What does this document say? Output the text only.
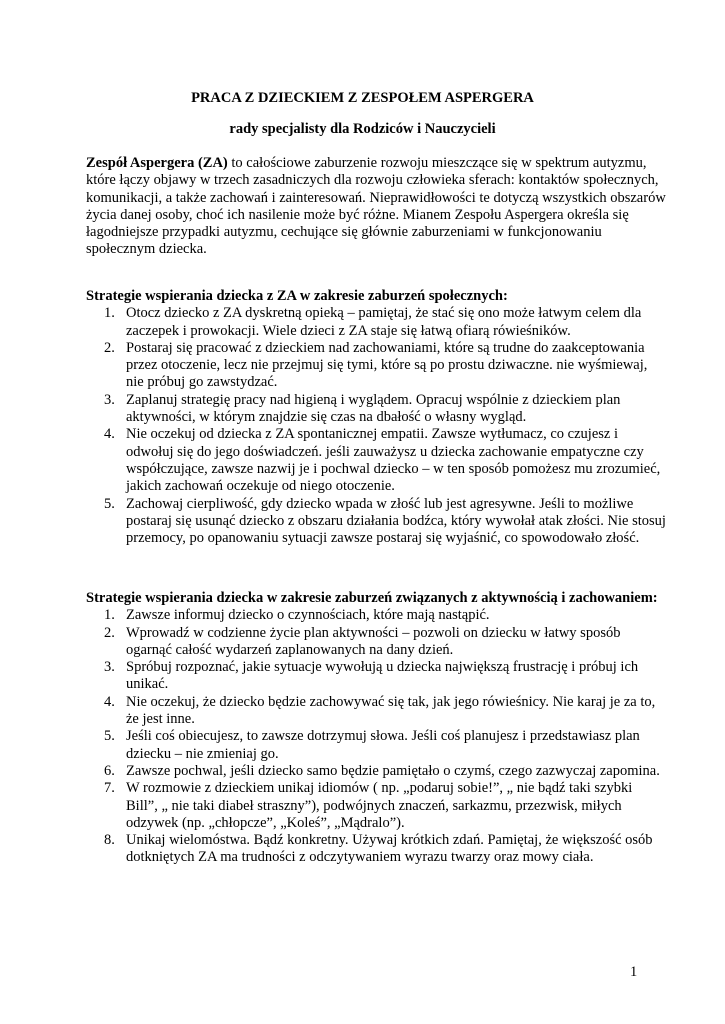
PRACA Z DZIECKIEM Z ZESPOŁEM ASPERGERA
rady specjalisty dla Rodziców i Nauczycieli

Zespół Aspergera (ZA) to całościowe zaburzenie rozwoju mieszczące się w spektrum autyzmu, które łączy objawy w trzech zasadniczych dla rozwoju człowieka sferach: kontaktów społecznych, komunikacji, a także zachowań i zainteresowań. Nieprawidłowości te dotyczą wszystkich obszarów życia danej osoby, choć ich nasilenie może być różne. Mianem Zespołu Aspergera określa się łagodniejsze przypadki autyzmu, cechujące się głównie zaburzeniami w funkcjonowaniu społecznym dziecka.

Strategie wspierania dziecka z ZA w zakresie zaburzeń społecznych:

1. Otocz dziecko z ZA dyskretną opieką – pamiętaj, że stać się ono może łatwym celem dla zaczepek i prowokacji. Wiele dzieci z ZA staje się łatwą ofiarą rówieśników.
2. Postaraj się pracować z dzieckiem nad zachowaniami, które są trudne do zaakceptowania przez otoczenie, lecz nie przejmuj się tymi, które są po prostu dziwaczne. nie wyśmiewaj, nie próbuj go zawstydzać.
3. Zaplanuj strategię pracy nad higieną i wyglądem. Opracuj wspólnie z dzieckiem plan aktywności, w którym znajdzie się czas na dbałość o własny wygląd.
4. Nie oczekuj od dziecka z ZA spontanicznej empatii. Zawsze wytłumacz, co czujesz i odwołuj się do jego doświadczeń. jeśli zauważysz u dziecka zachowanie empatyczne czy współczujące, zawsze nazwij je i pochwal dziecko – w ten sposób pomożesz mu zrozumieć, jakich zachowań oczekuje od niego otoczenie.
5. Zachowaj cierpliwość, gdy dziecko wpada w złość lub jest agresywne. Jeśli to możliwe postaraj się usunąć dziecko z obszaru działania bodźca, który wywołał atak złości. Nie stosuj przemocy, po opanowaniu sytuacji zawsze postaraj się wyjaśnić, co spowodowało złość.

Strategie wspierania dziecka w zakresie zaburzeń związanych z aktywnością i zachowaniem:

1. Zawsze informuj dziecko o czynnościach, które mają nastąpić.
2. Wprowadź w codzienne życie plan aktywności – pozwoli on dziecku w łatwy sposób ogarnąć całość wydarzeń zaplanowanych na dany dzień.
3. Spróbuj rozpoznać, jakie sytuacje wywołują u dziecka największą frustrację i próbuj ich unikać.
4. Nie oczekuj, że dziecko będzie zachowywać się tak, jak jego rówieśnicy. Nie karaj je za to, że jest inne.
5. Jeśli coś obiecujesz, to zawsze dotrzymuj słowa. Jeśli coś planujesz i przedstawiasz plan dziecku – nie zmieniaj go.
6. Zawsze pochwal, jeśli dziecko samo będzie pamiętało o czymś, czego zazwyczaj zapomina.
7. W rozmowie z dzieckiem unikaj idiomów ( np. „podaruj sobie!”, „ nie bądź taki szybki Bill”, „ nie taki diabeł straszny”), podwójnych znaczeń, sarkazmu, przezwisk, miłych odzywek (np. „chłopcze”, „Koleś”, „Mądralo”).
8. Unikaj wielomóstwa. Bądź konkretny. Używaj krótkich zdań. Pamiętaj, że większość osób dotkniętych ZA ma trudności z odczytywaniem wyrazu twarzy oraz mowy ciała.
1
